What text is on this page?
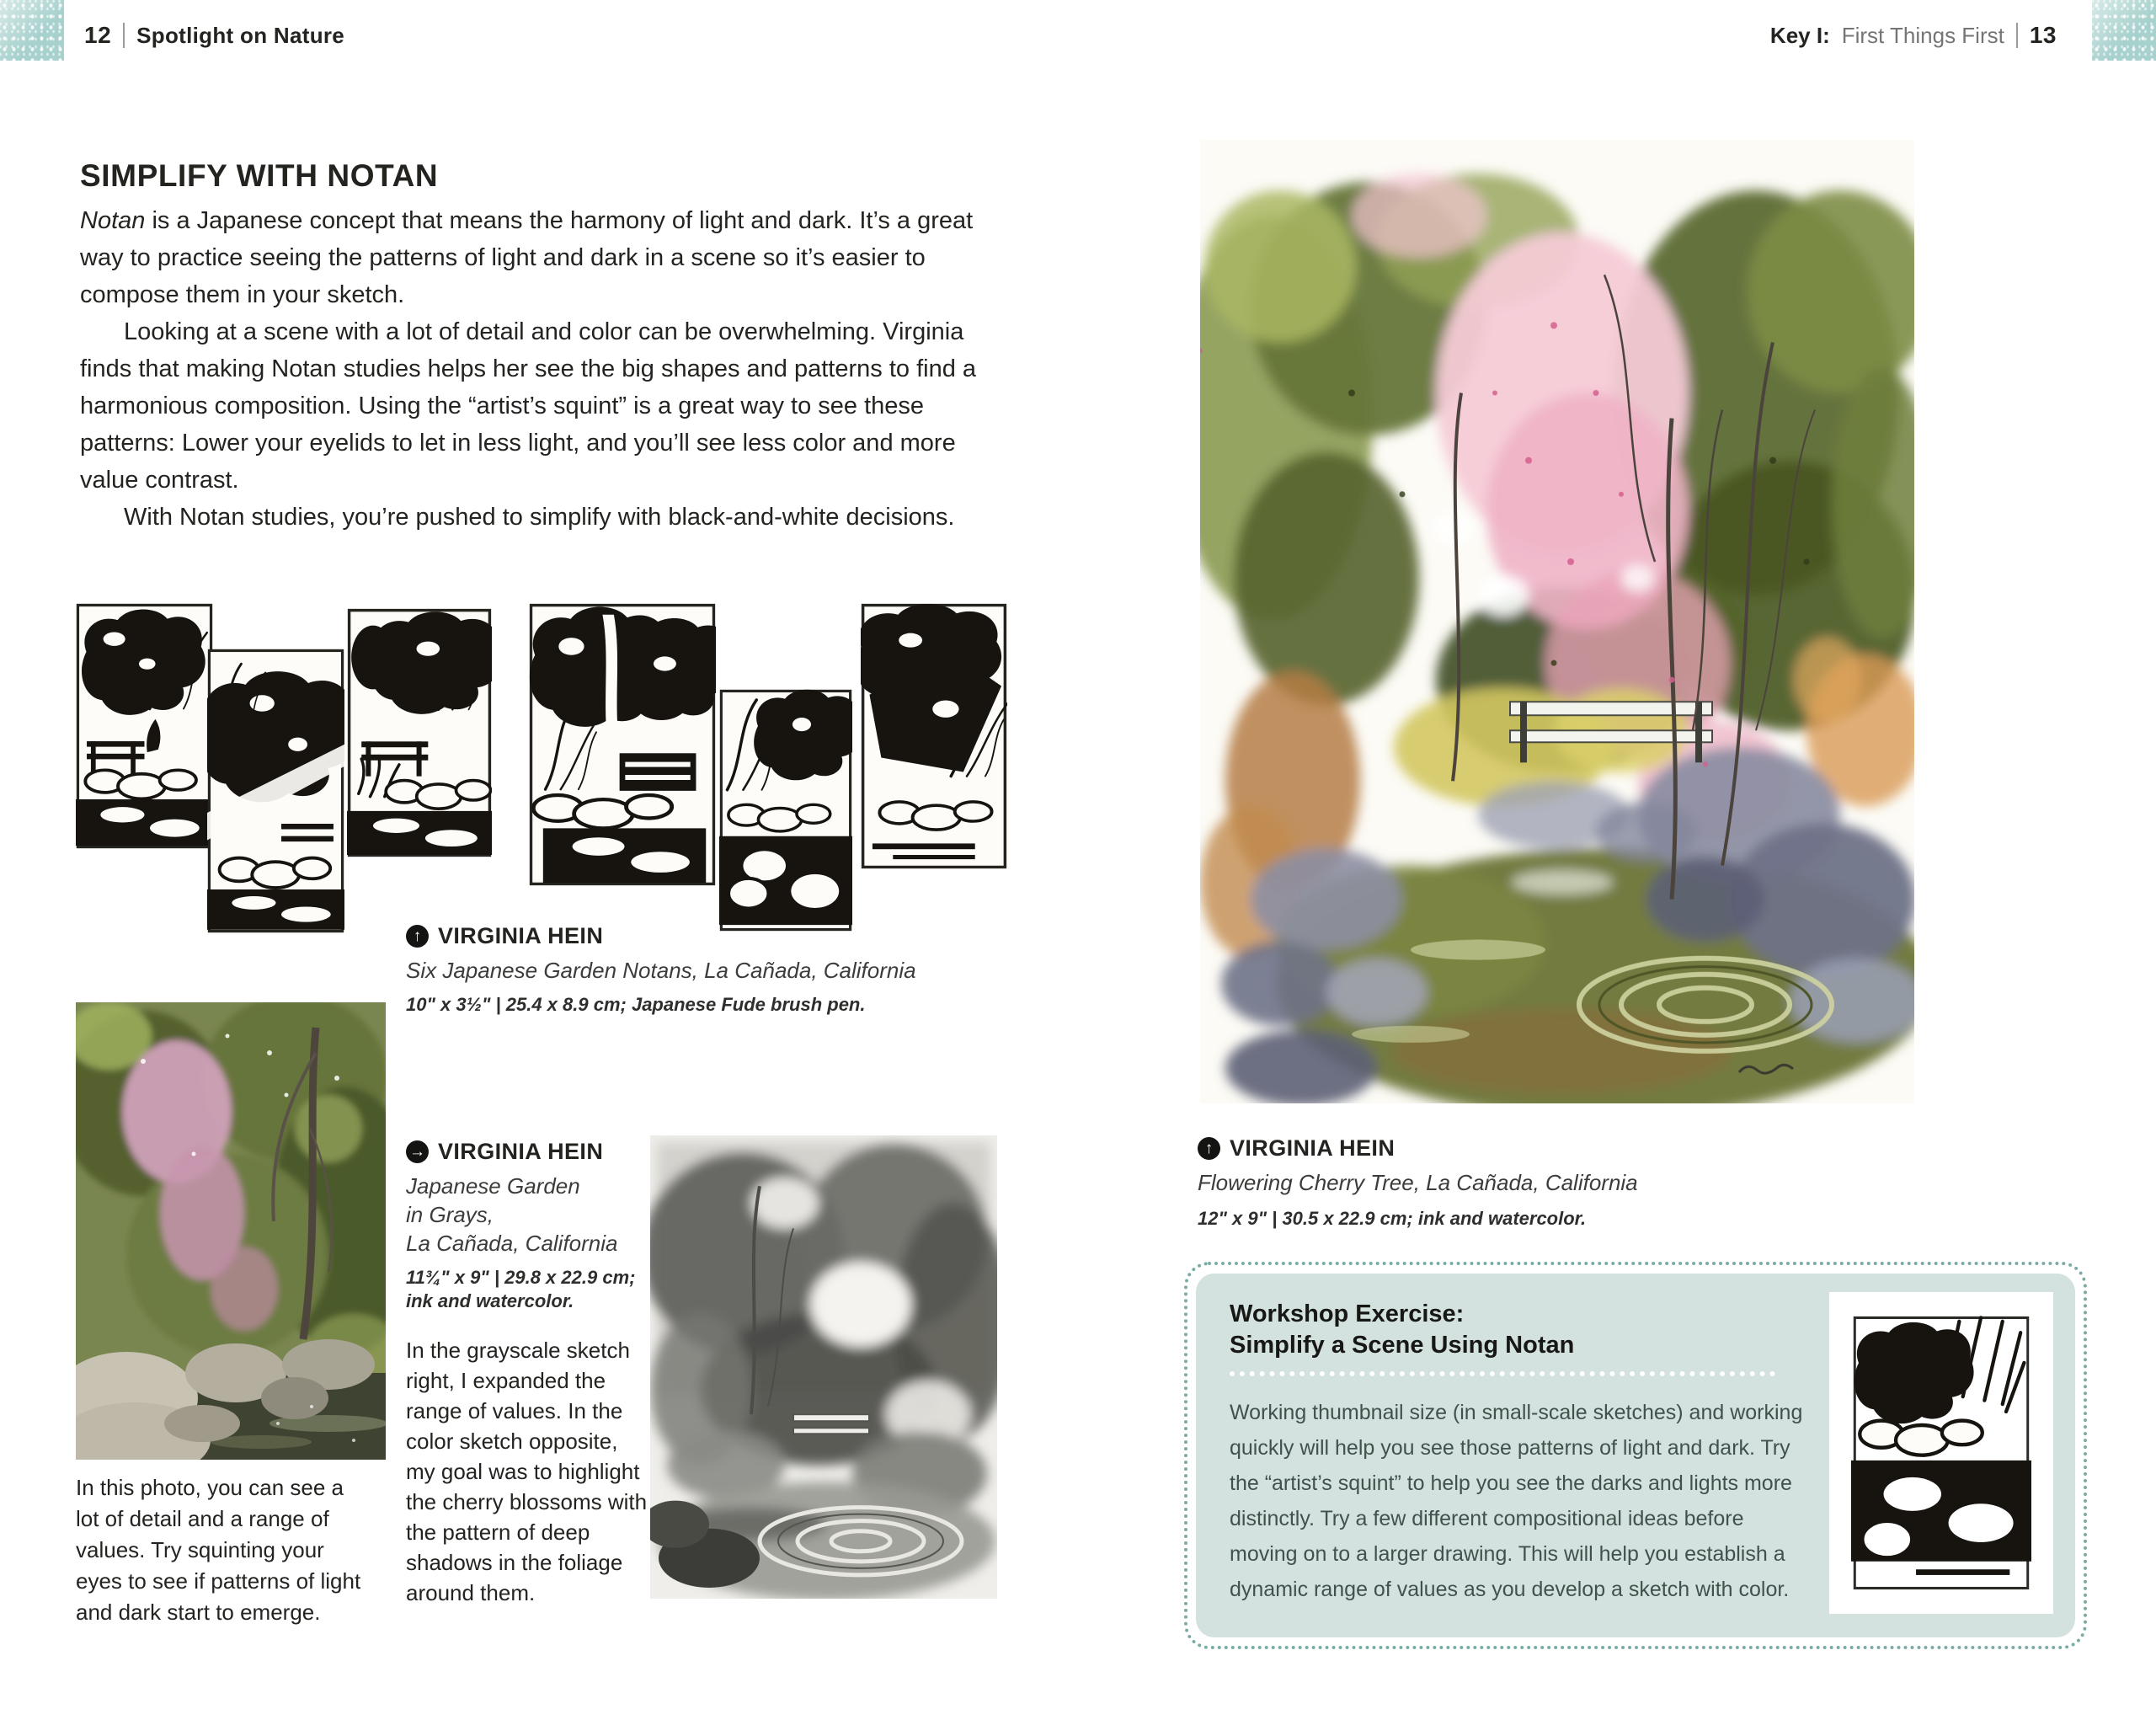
12 Spotlight on Nature	Key I: First Things First 13
SIMPLIFY WITH NOTAN

Notan is a Japanese concept that means the harmony of light and dark. It’s a great way to practice seeing the patterns of light and dark in a scene so it’s easier to compose them in your sketch.

Looking at a scene with a lot of detail and color can be overwhelming. Virginia finds that making Notan studies helps her see the big shapes and patterns to find a harmonious composition. Using the “artist’s squint” is a great way to see these patterns: Lower your eyelids to let in less light, and you’ll see less color and more value contrast.

With Notan studies, you’re pushed to simplify with black-and-white decisions.

↑ VIRGINIA HEIN
Six Japanese Garden Notans, La Cañada, California
10" x 3½" | 25.4 x 8.9 cm; Japanese Fude brush pen.
→ VIRGINIA HEIN
Japanese Garden
in Grays,
La Cañada, California
11¾" x 9" | 29.8 x 22.9 cm;
ink and watercolor.
In the grayscale sketch right, I expanded the range of values. In the color sketch opposite, my goal was to highlight the cherry blossoms with the pattern of deep shadows in the foliage around them.
In this photo, you can see a lot of detail and a range of values. Try squinting your eyes to see if patterns of light and dark start to emerge.
↑ VIRGINIA HEIN
Flowering Cherry Tree, La Cañada, California
12" x 9" | 30.5 x 22.9 cm; ink and watercolor.
Workshop Exercise:
Simplify a Scene Using Notan
Working thumbnail size (in small-scale sketches) and working quickly will help you see those patterns of light and dark. Try the “artist’s squint” to help you see the darks and lights more distinctly. Try a few different compositional ideas before moving on to a larger drawing. This will help you establish a dynamic range of values as you develop a sketch with color.
